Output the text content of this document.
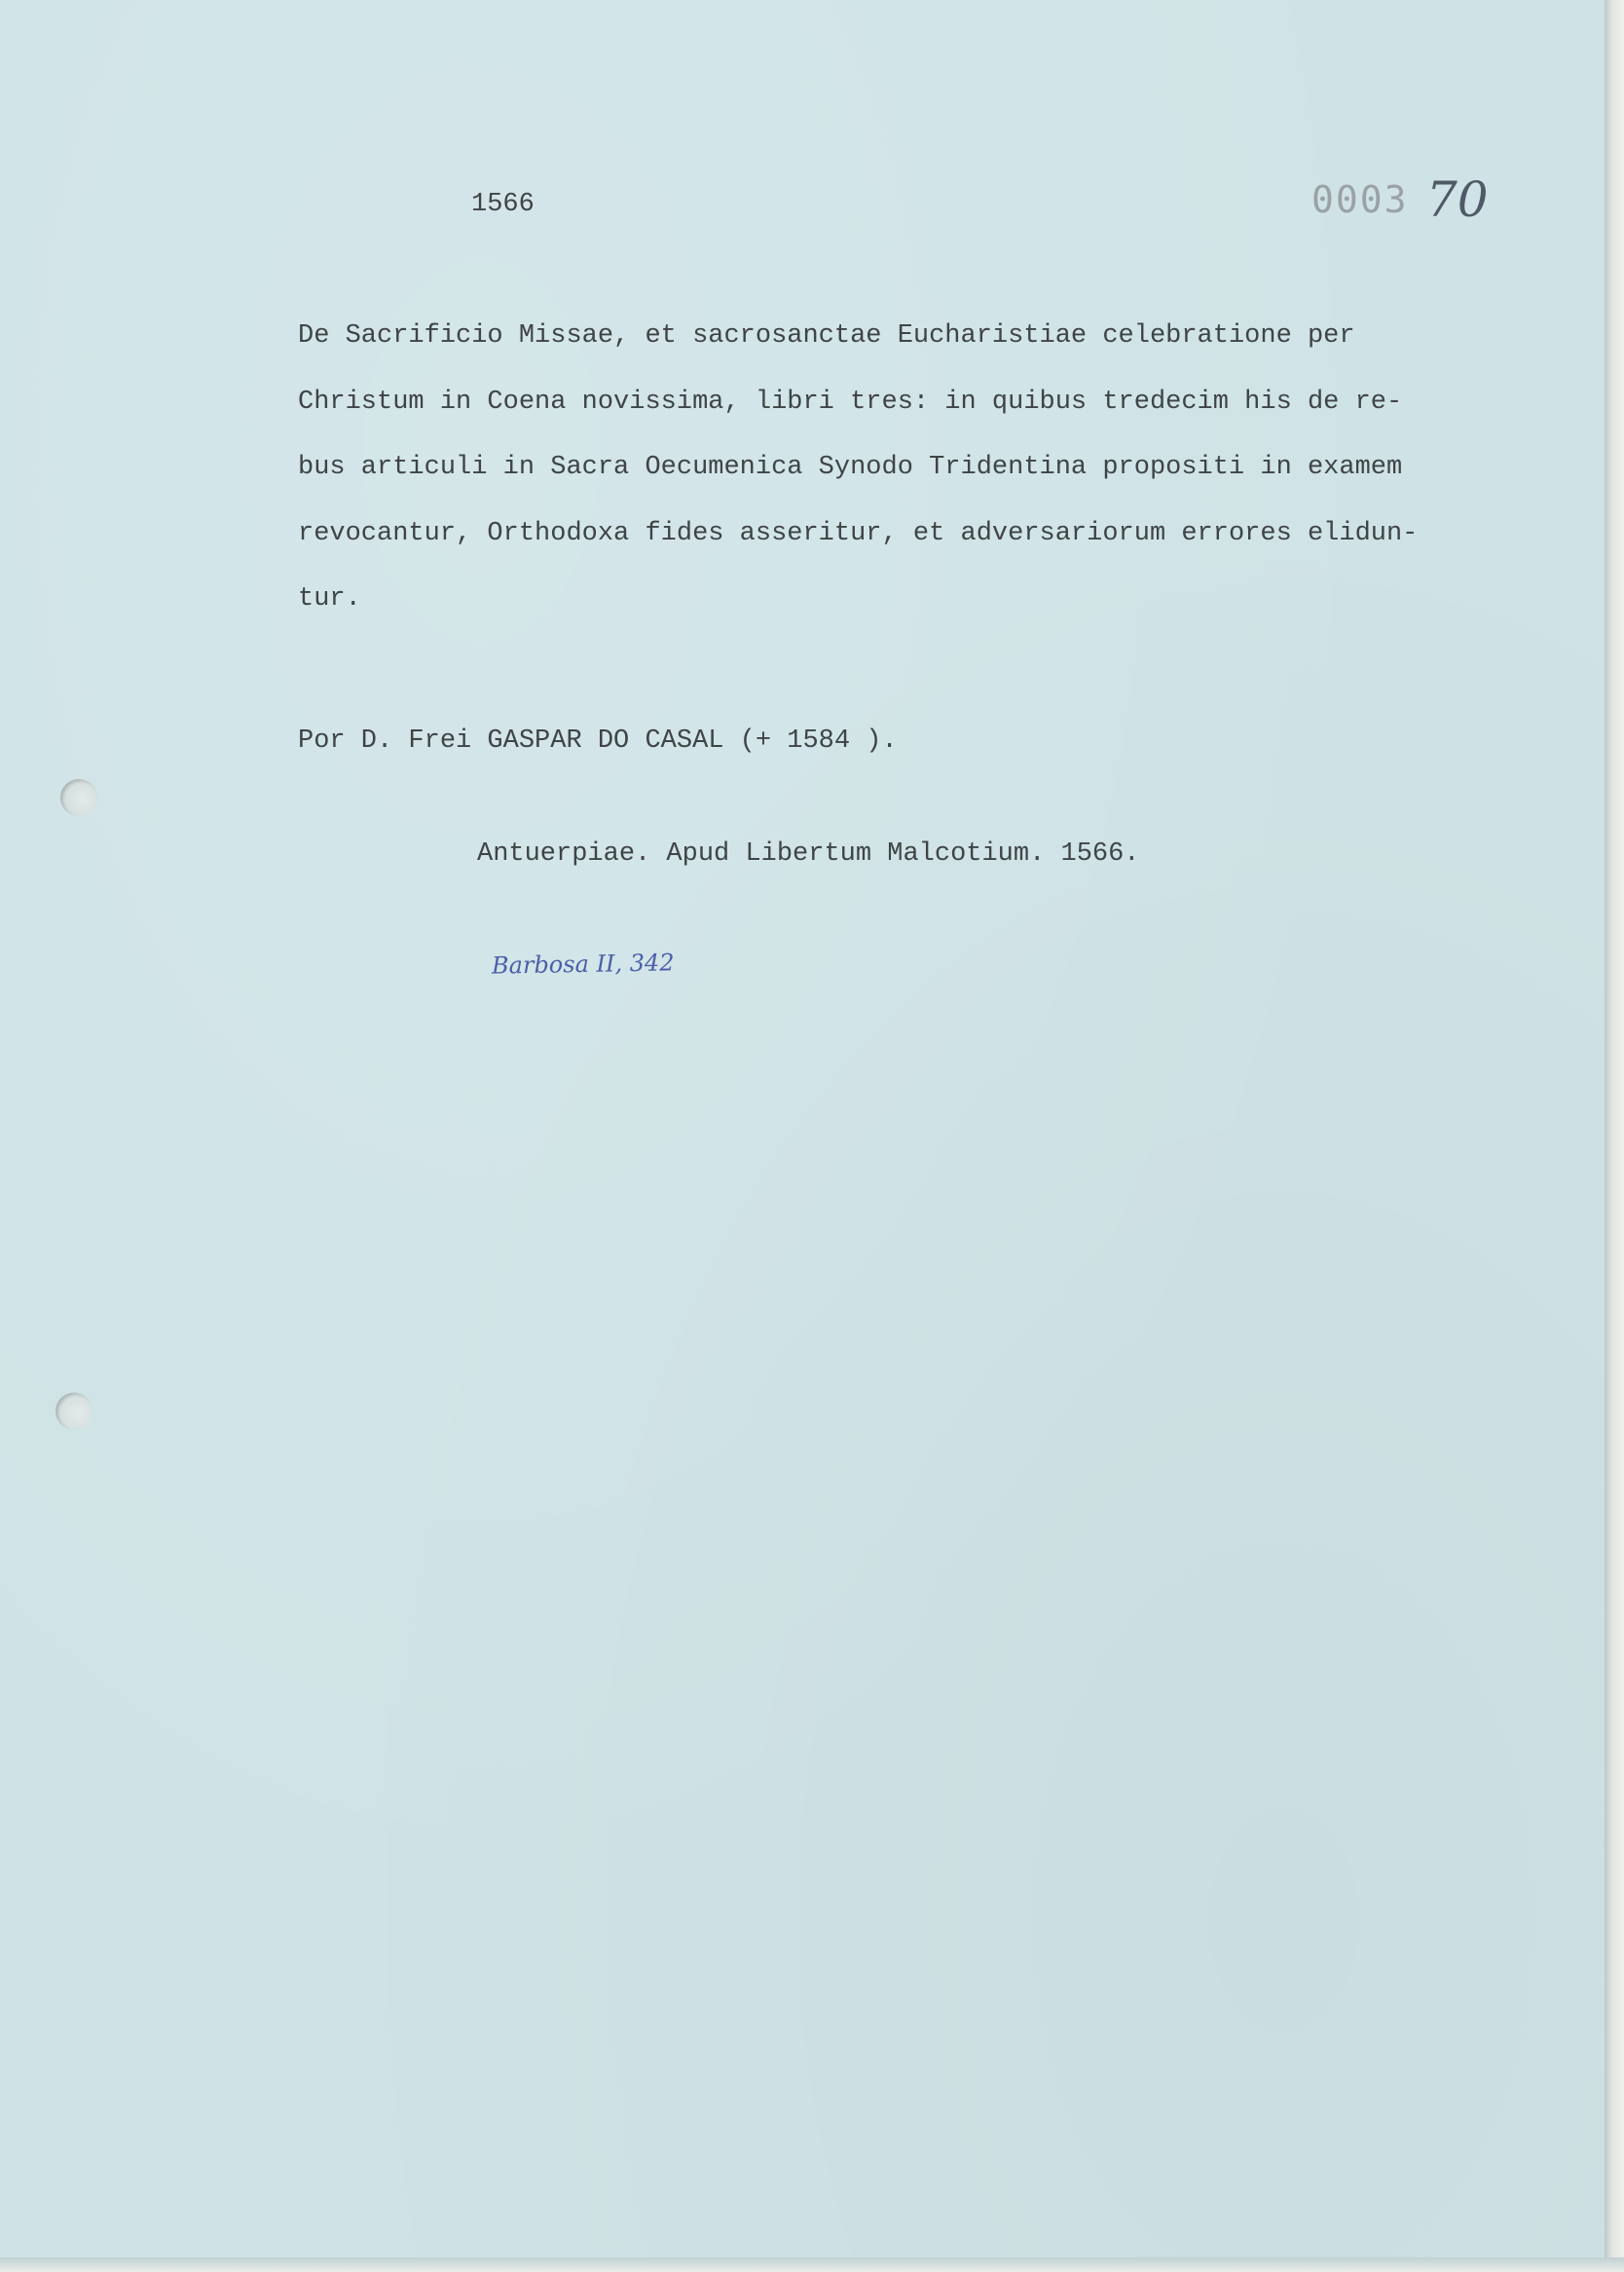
1566	0003 70
De Sacrificio Missae, et sacrosanctae Eucharistiae celebratione per
Christum in Coena novissima, libri tres: in quibus tredecim his de re-
bus articuli in Sacra Oecumenica Synodo Tridentina propositi in examem
revocantur, Orthodoxa fides asseritur, et adversariorum errores elidun-
tur.
Por D. Frei GASPAR DO CASAL (+ 1584 ).
Antuerpiae. Apud Libertum Malcotium. 1566.
Barbosa II, 342
